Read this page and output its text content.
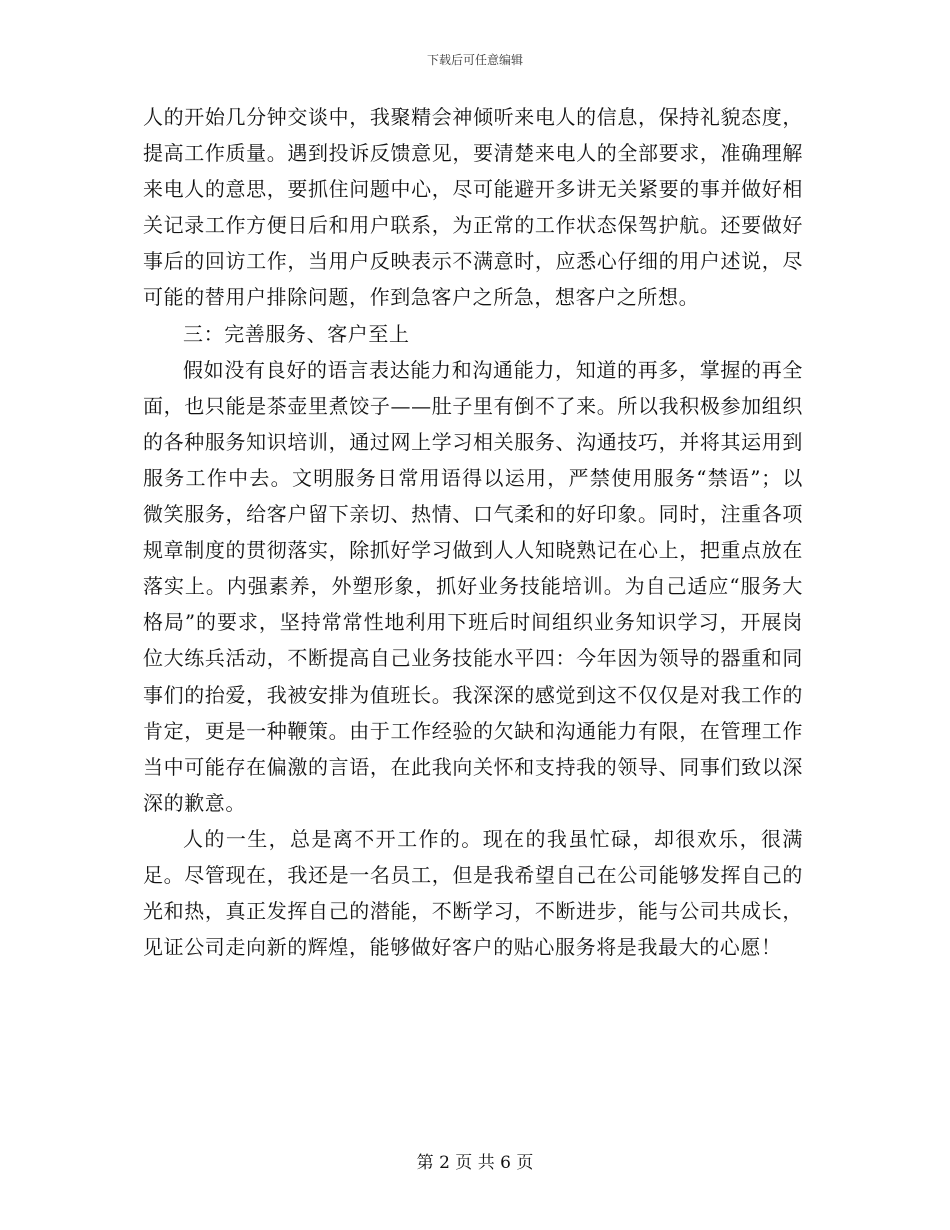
下载后可任意编辑

人的开始几分钟交谈中，我聚精会神倾听来电人的信息，保持礼貌态度，提高工作质量。遇到投诉反馈意见，要清楚来电人的全部要求，准确理解来电人的意思，要抓住问题中心，尽可能避开多讲无关紧要的事并做好相关记录工作方便日后和用户联系，为正常的工作状态保驾护航。还要做好事后的回访工作，当用户反映表示不满意时，应悉心仔细的用户述说，尽可能的替用户排除问题，作到急客户之所急，想客户之所想。

三：完善服务、客户至上

假如没有良好的语言表达能力和沟通能力，知道的再多，掌握的再全面，也只能是茶壶里煮饺子——肚子里有倒不了来。所以我积极参加组织的各种服务知识培训，通过网上学习相关服务、沟通技巧，并将其运用到服务工作中去。文明服务日常用语得以运用，严禁使用服务“禁语”；以微笑服务，给客户留下亲切、热情、口气柔和的好印象。同时，注重各项规章制度的贯彻落实，除抓好学习做到人人知晓熟记在心上，把重点放在落实上。内强素养，外塑形象，抓好业务技能培训。为自己适应“服务大格局”的要求，坚持常常性地利用下班后时间组织业务知识学习，开展岗位大练兵活动，不断提高自己业务技能水平四：今年因为领导的器重和同事们的抬爱，我被安排为值班长。我深深的感觉到这不仅仅是对我工作的肯定，更是一种鞭策。由于工作经验的欠缺和沟通能力有限，在管理工作当中可能存在偏激的言语，在此我向关怀和支持我的领导、同事们致以深深的歉意。

人的一生，总是离不开工作的。现在的我虽忙碌，却很欢乐，很满足。尽管现在，我还是一名员工，但是我希望自己在公司能够发挥自己的光和热，真正发挥自己的潜能，不断学习，不断进步，能与公司共成长，见证公司走向新的辉煌，能够做好客户的贴心服务将是我最大的心愿！

第 2 页 共 6 页
